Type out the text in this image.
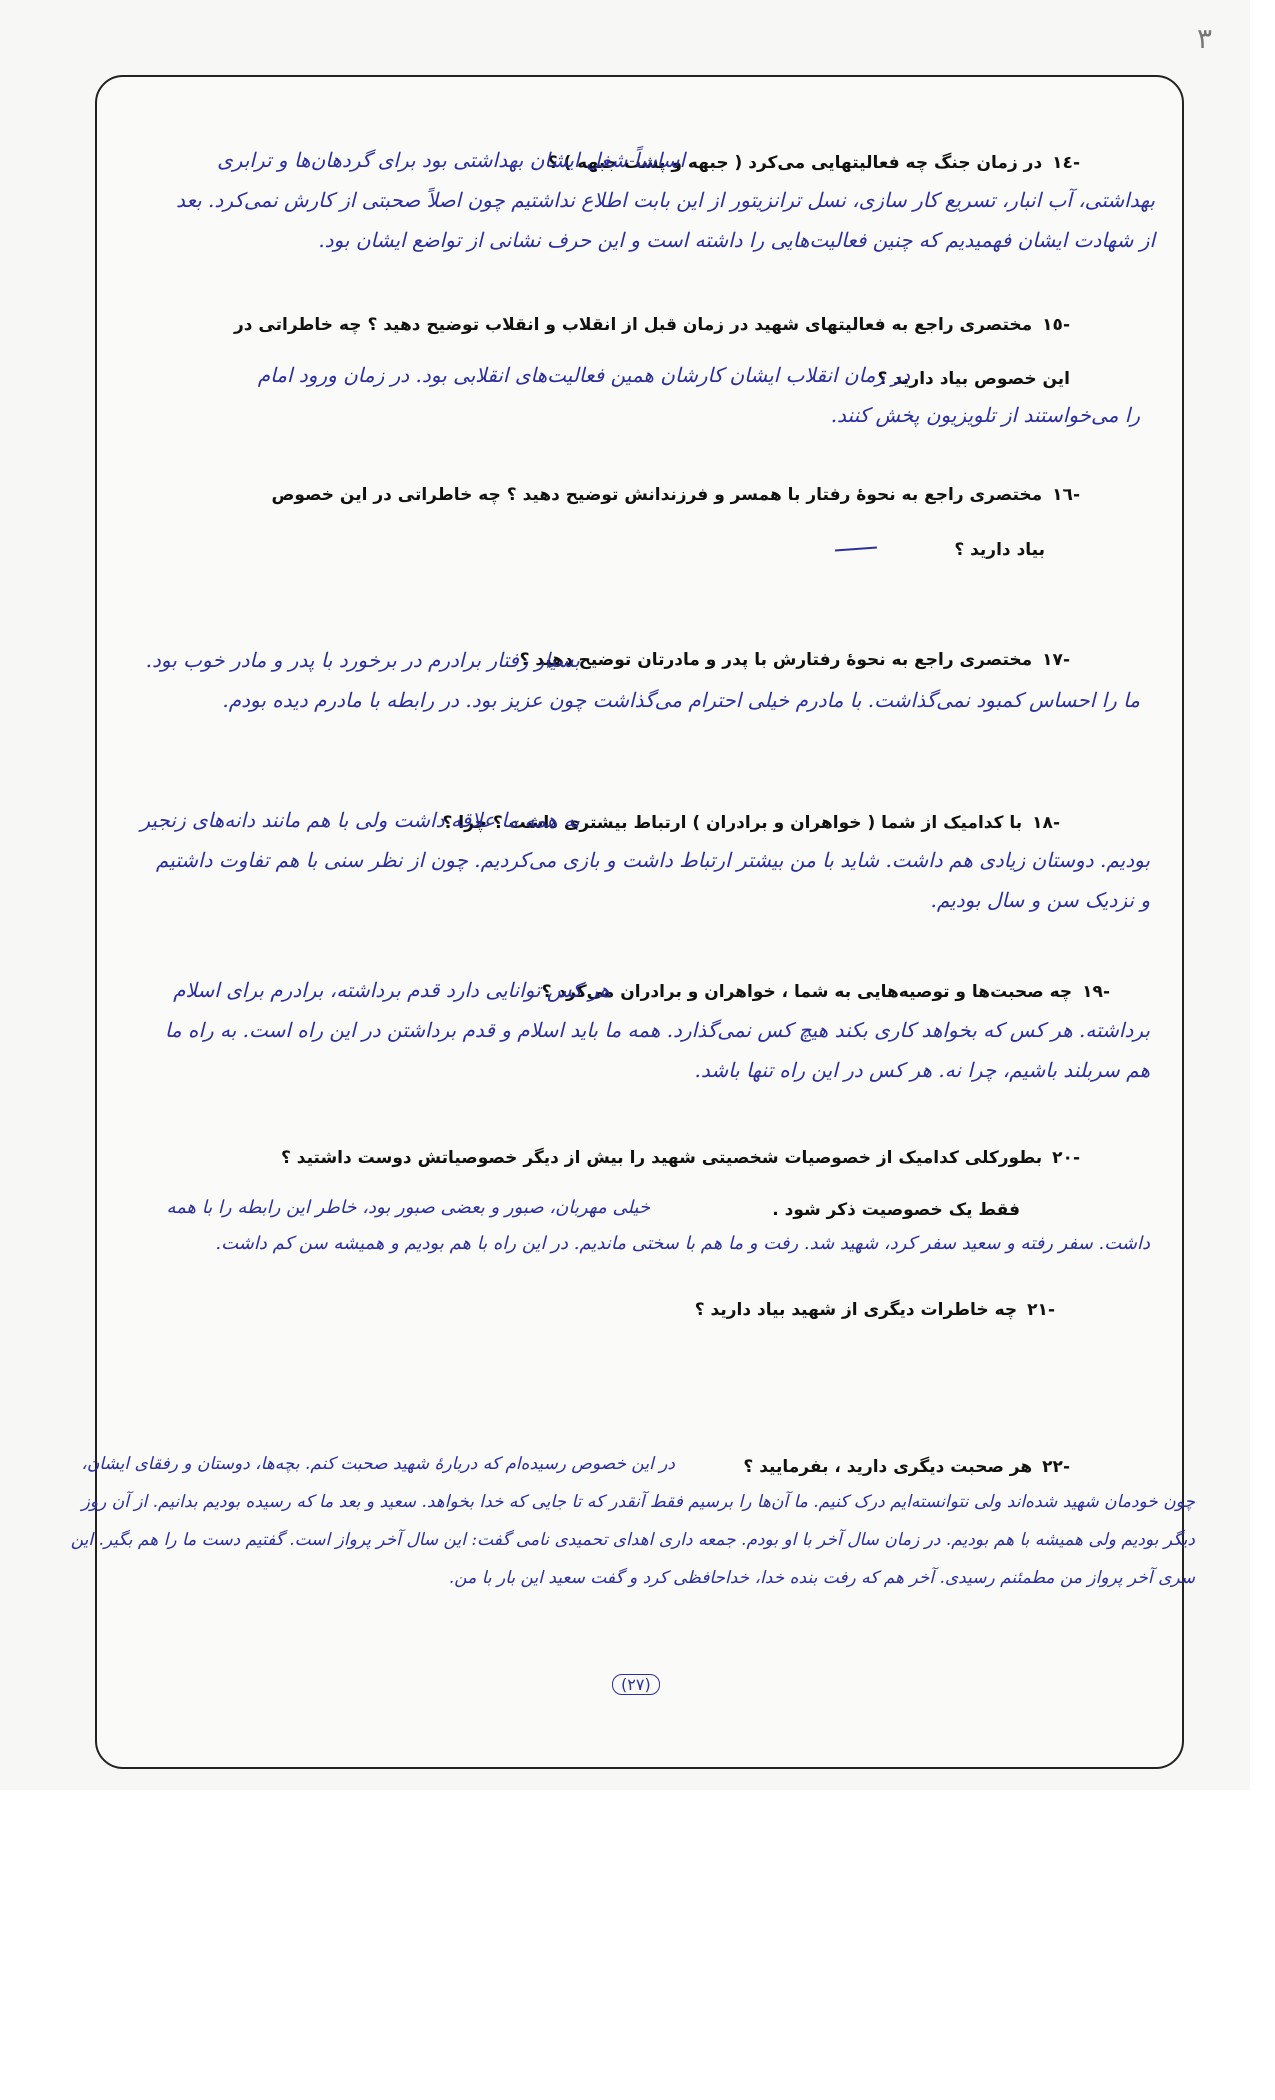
٣
-١٤در زمان جنگ چه فعالیتهایی می‌کرد ( جبهه و پشت جبهه ) ؟
اساساً شغل ایشان بهداشتی بود برای گردهان‌ها و ترابری بهداشتی، آب انبار، تسریع کار سازی، نسل ترانزیتور از این بابت اطلاع نداشتیم چون اصلاً صحبتی از کارش نمی‌کرد. بعد از شهادت ایشان فهمیدیم که چنین فعالیت‌هایی را داشته است و این حرف نشانی از تواضع ایشان بود.
-١٥مختصری راجع به فعالیتهای شهید در زمان قبل از انقلاب و انقلاب توضیح دهید ؟ چه خاطراتی در
این خصوص بیاد دارید ؟
در زمان انقلاب ایشان کارشان همین فعالیت‌های انقلابی بود. در زمان ورود امام را می‌خواستند از تلویزیون پخش کنند.
-١٦مختصری راجع به نحوهٔ رفتار با همسر و فرزندانش توضیح دهید ؟ چه خاطراتی در این خصوص
بیاد دارید ؟
-١٧مختصری راجع به نحوهٔ رفتارش با پدر و مادرتان توضیح دهید ؟
بسیار رفتار برادرم در برخورد با پدر و مادر خوب بود. ما را احساس کمبود نمی‌گذاشت. با مادرم خیلی احترام می‌گذاشت چون عزیز بود. در رابطه با مادرم دیده بودم.
-١٨با کدامیک از شما ( خواهران و برادران ) ارتباط بیشتری داشت ؟ چرا ؟
به همه ما علاقه داشت ولی با هم مانند دانه‌های زنجیر بودیم. دوستان زیادی هم داشت. شاید با من بیشتر ارتباط داشت و بازی می‌کردیم. چون از نظر سنی با هم تفاوت داشتیم و نزدیک سن و سال بودیم.
-١٩چه صحبت‌ها و توصیه‌هایی به شما ، خواهران و برادران می‌کرد ؟
هر کس توانایی دارد قدم برداشته، برادرم برای اسلام برداشته. هر کس که بخواهد کاری بکند هیچ کس نمی‌گذارد. همه ما باید اسلام و قدم برداشتن در این راه است. به راه ما هم سربلند باشیم، چرا نه. هر کس در این راه تنها باشد.
-٢٠بطورکلی کدامیک از خصوصیات شخصیتی شهید را بیش از دیگر خصوصیاتش دوست داشتید ؟
فقط یک خصوصیت ذکر شود .
خیلی مهربان، صبور و بعضی صبور بود، خاطر این رابطه را با همه داشت. سفر رفته و سعید سفر کرد، شهید شد. رفت و ما هم با سختی ماندیم. در این راه با هم بودیم و همیشه سن کم داشت.
-٢١چه خاطرات دیگری از شهید بیاد دارید ؟
-٢٢هر صحبت دیگری دارید ، بفرمایید ؟
در این خصوص رسیده‌ام که دربارهٔ شهید صحبت کنم. بچه‌ها، دوستان و رفقای ایشان، چون خودمان شهید شده‌اند ولی نتوانسته‌ایم درک کنیم. ما آن‌ها را برسیم فقط آنقدر که تا جایی که خدا بخواهد. سعید و بعد ما که رسیده بودیم بدانیم. از آن روز دیگر بودیم ولی همیشه با هم بودیم. در زمان سال آخر با او بودم. جمعه داری اهدای تحمیدی نامی گفت: این سال آخر پرواز است. گفتیم دست ما را هم بگیر. این سری آخر پرواز من مطمئنم رسیدی. آخر هم که رفت بنده خدا، خداحافظی کرد و گفت سعید این بار با من.
(٢٧)
